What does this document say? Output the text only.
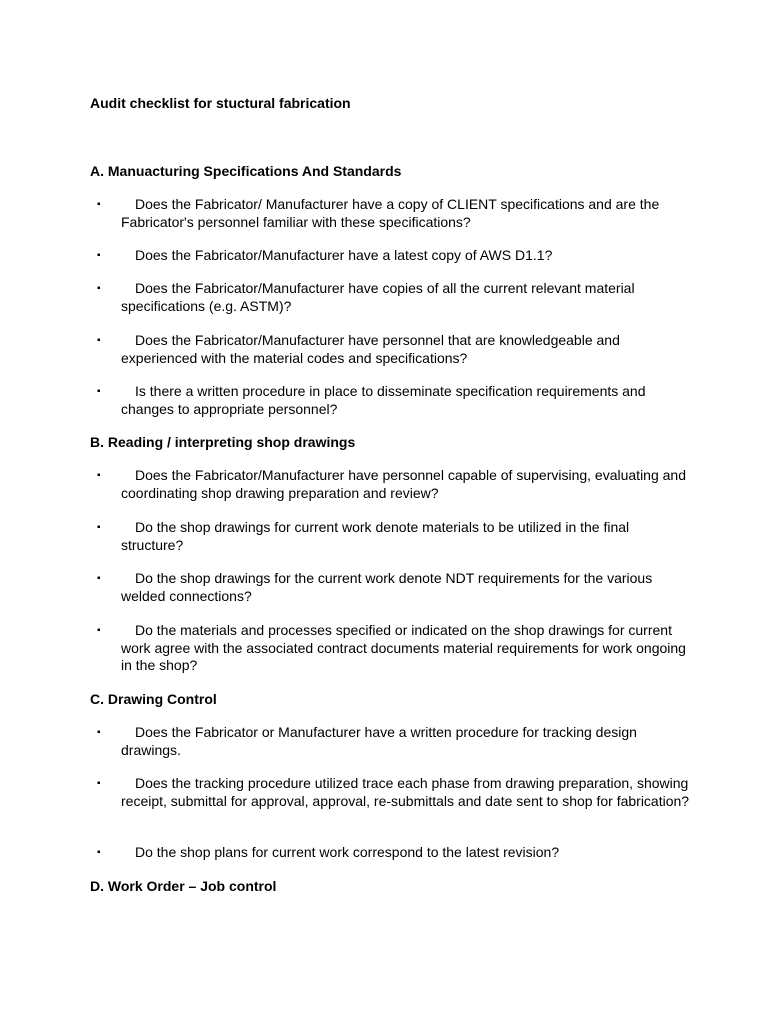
Audit checklist for stuctural fabrication
A. Manuacturing Specifications And Standards
▪	Does the Fabricator/ Manufacturer have a copy of CLIENT specifications and are the Fabricator's personnel familiar with these specifications?
▪	Does the Fabricator/Manufacturer have a latest copy of AWS D1.1?
▪	Does the Fabricator/Manufacturer have copies of all the current relevant material specifications (e.g. ASTM)?
▪	Does the Fabricator/Manufacturer have personnel that are knowledgeable and experienced with the material codes and specifications?
▪	Is there a written procedure in place to disseminate specification requirements and changes to appropriate personnel?
B. Reading / interpreting shop drawings
▪	Does the Fabricator/Manufacturer have personnel capable of supervising, evaluating and coordinating shop drawing preparation and review?
▪	Do the shop drawings for current work denote materials to be utilized in the final structure?
▪	Do the shop drawings for the current work denote NDT requirements for the various welded connections?
▪	Do the materials and processes specified or indicated on the shop drawings for current work agree with the associated contract documents material requirements for work ongoing in the shop?
C. Drawing Control
▪	Does the Fabricator or Manufacturer have a written procedure for tracking design drawings.
▪	Does the tracking procedure utilized trace each phase from drawing preparation, showing receipt, submittal for approval, approval, re-submittals and date sent to shop for fabrication?
▪	Do the shop plans for current work correspond to the latest revision?
D. Work Order – Job control
